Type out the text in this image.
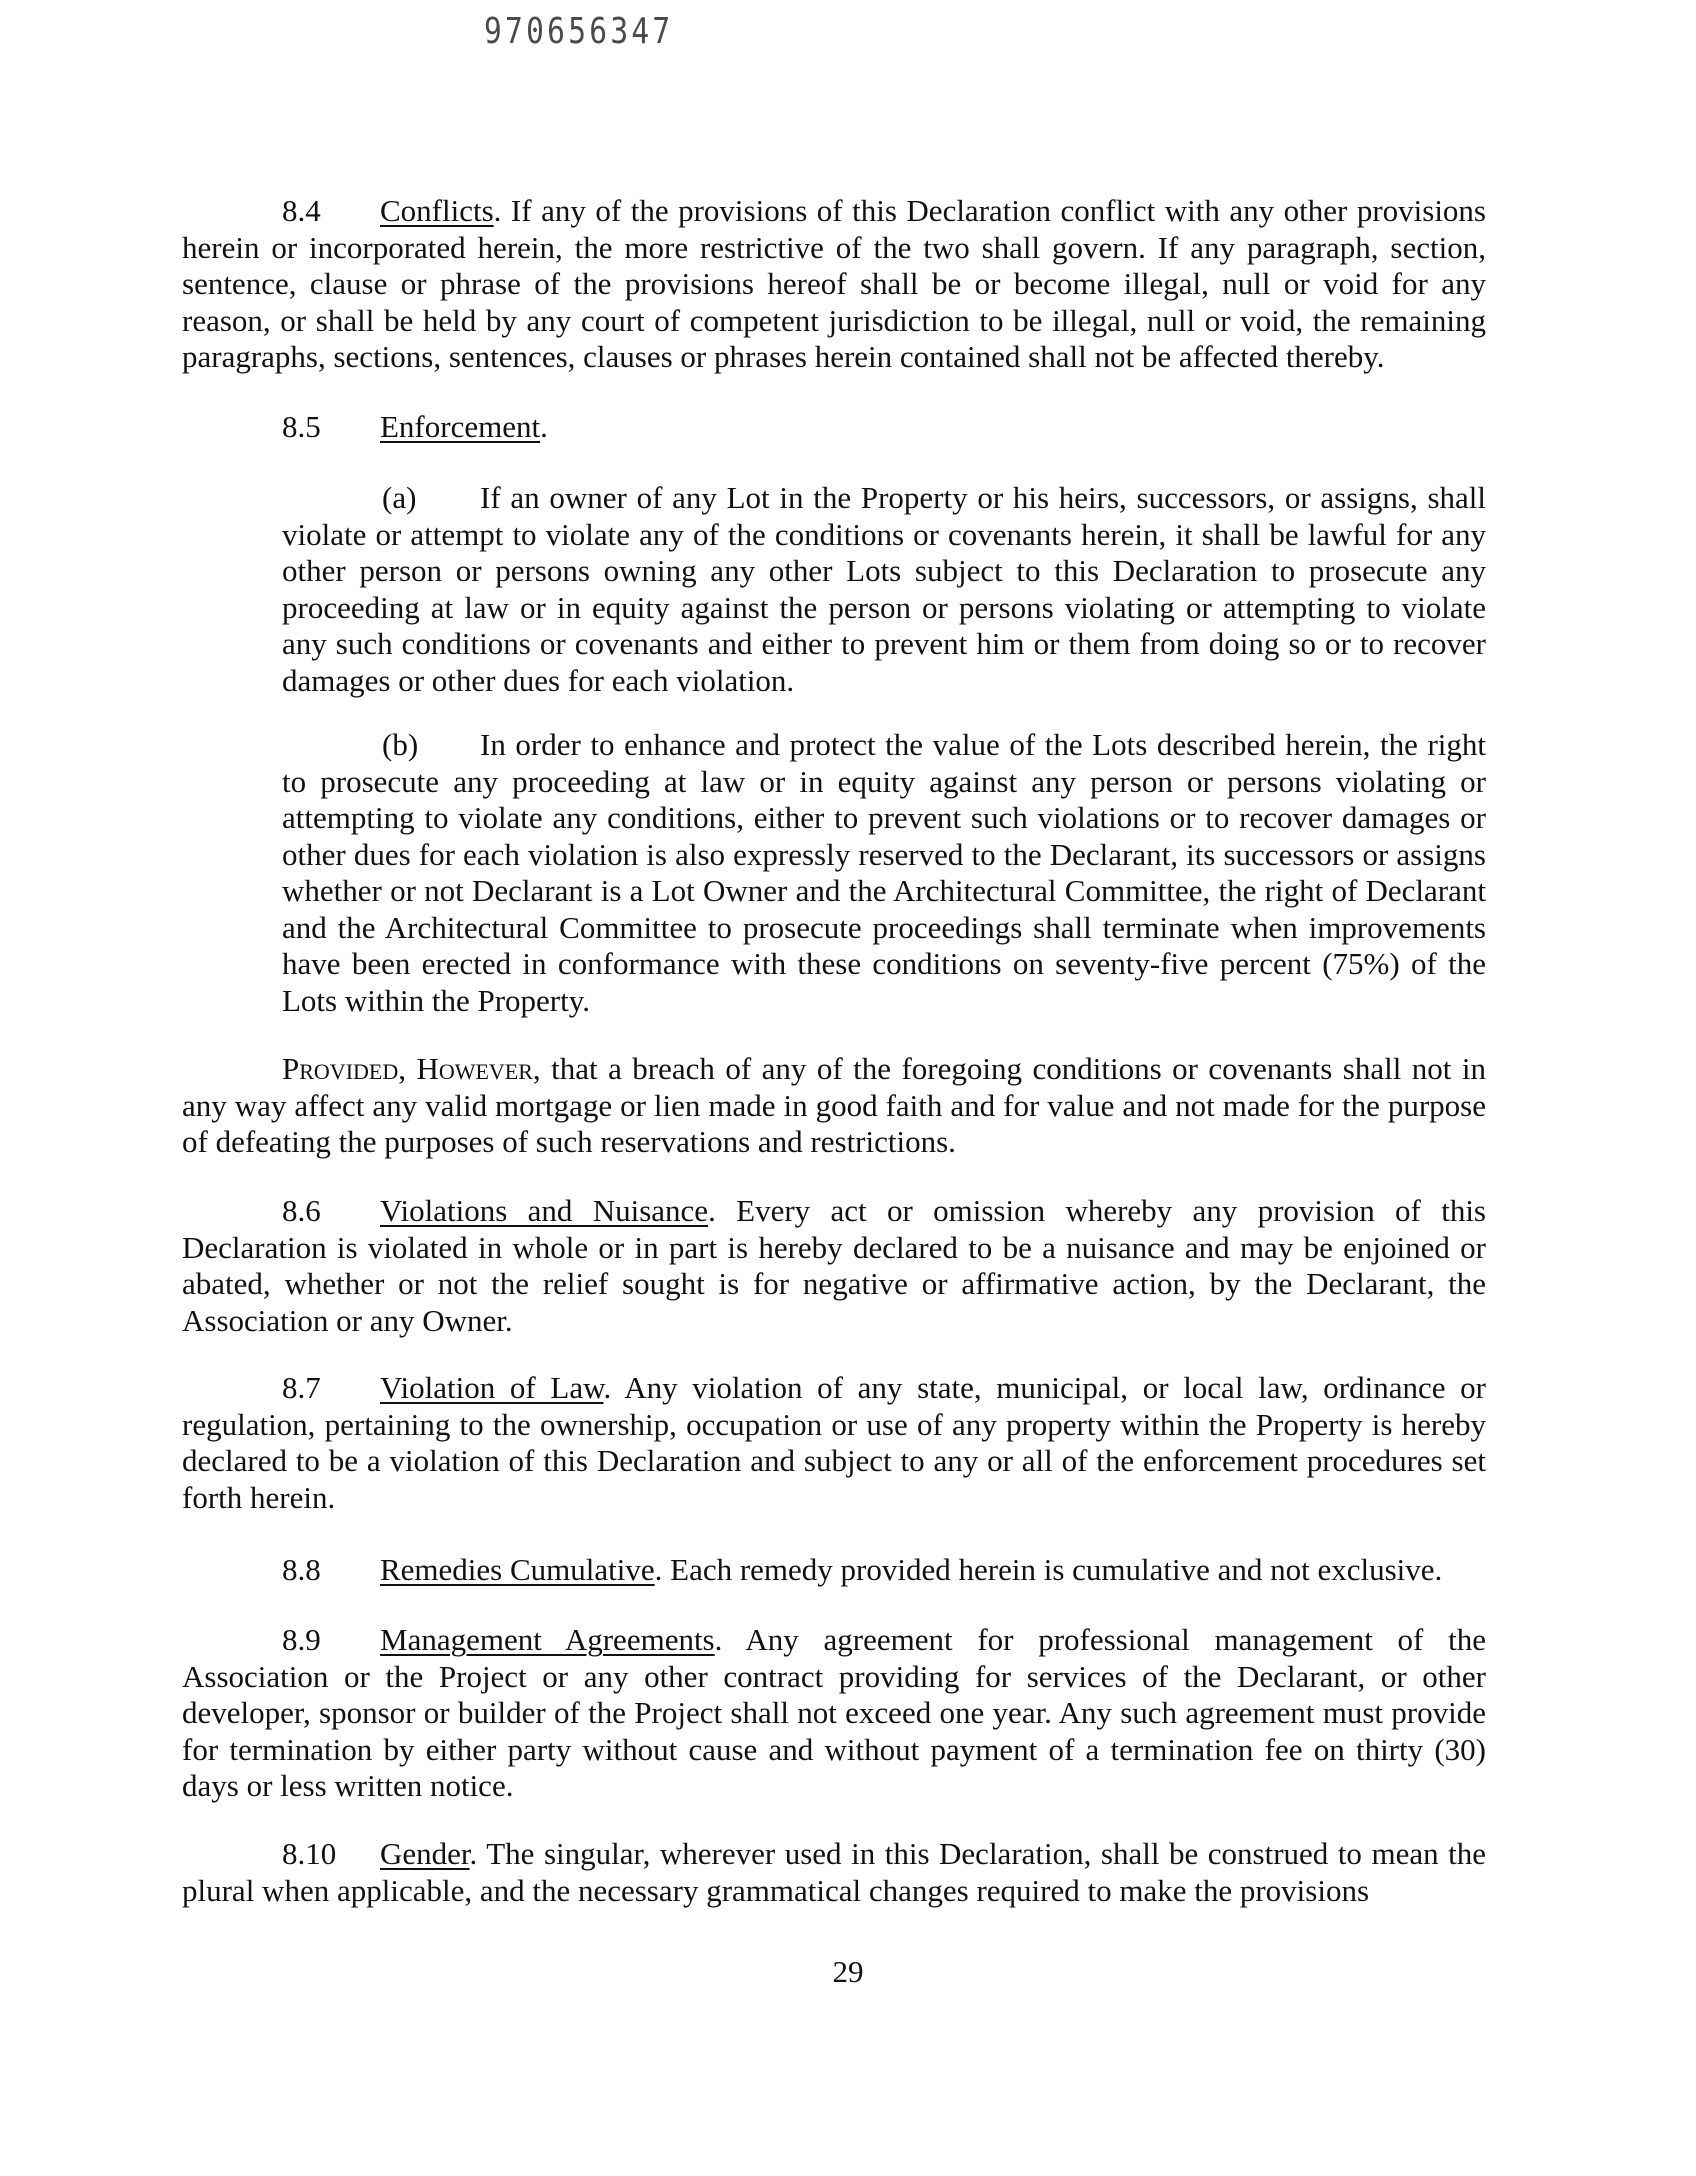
970656347

8.4 Conflicts. If any of the provisions of this Declaration conflict with any other provisions herein or incorporated herein, the more restrictive of the two shall govern. If any paragraph, section, sentence, clause or phrase of the provisions hereof shall be or become illegal, null or void for any reason, or shall be held by any court of competent jurisdiction to be illegal, null or void, the remaining paragraphs, sections, sentences, clauses or phrases herein contained shall not be affected thereby.

8.5 Enforcement.

(a) If an owner of any Lot in the Property or his heirs, successors, or assigns, shall violate or attempt to violate any of the conditions or covenants herein, it shall be lawful for any other person or persons owning any other Lots subject to this Declaration to prosecute any proceeding at law or in equity against the person or persons violating or attempting to violate any such conditions or covenants and either to prevent him or them from doing so or to recover damages or other dues for each violation.

(b) In order to enhance and protect the value of the Lots described herein, the right to prosecute any proceeding at law or in equity against any person or persons violating or attempting to violate any conditions, either to prevent such violations or to recover damages or other dues for each violation is also expressly reserved to the Declarant, its successors or assigns whether or not Declarant is a Lot Owner and the Architectural Committee, the right of Declarant and the Architectural Committee to prosecute proceedings shall terminate when improvements have been erected in conformance with these conditions on seventy-five percent (75%) of the Lots within the Property.

Provided, However, that a breach of any of the foregoing conditions or covenants shall not in any way affect any valid mortgage or lien made in good faith and for value and not made for the purpose of defeating the purposes of such reservations and restrictions.

8.6 Violations and Nuisance. Every act or omission whereby any provision of this Declaration is violated in whole or in part is hereby declared to be a nuisance and may be enjoined or abated, whether or not the relief sought is for negative or affirmative action, by the Declarant, the Association or any Owner.

8.7 Violation of Law. Any violation of any state, municipal, or local law, ordinance or regulation, pertaining to the ownership, occupation or use of any property within the Property is hereby declared to be a violation of this Declaration and subject to any or all of the enforcement procedures set forth herein.

8.8 Remedies Cumulative. Each remedy provided herein is cumulative and not exclusive.

8.9 Management Agreements. Any agreement for professional management of the Association or the Project or any other contract providing for services of the Declarant, or other developer, sponsor or builder of the Project shall not exceed one year. Any such agreement must provide for termination by either party without cause and without payment of a termination fee on thirty (30) days or less written notice.

8.10 Gender. The singular, wherever used in this Declaration, shall be construed to mean the plural when applicable, and the necessary grammatical changes required to make the provisions

29
